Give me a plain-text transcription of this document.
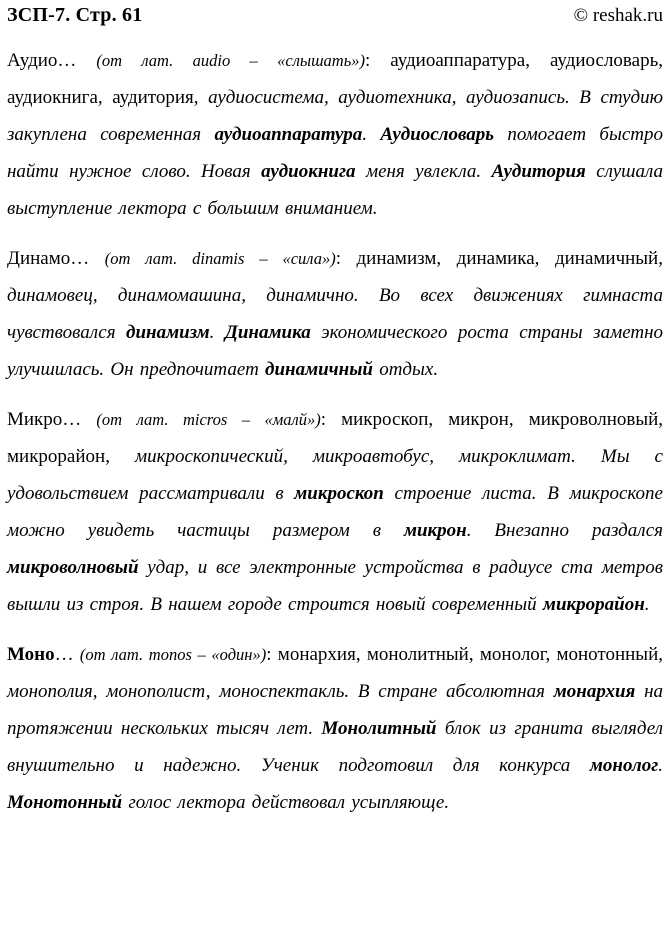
ЗСП-7. Стр. 61	© reshak.ru

Аудио… (от лат. audio – «слышать»): аудиоаппаратура, аудиословарь, аудиокнига, аудитория, аудиосистема, аудиотехника, аудиозапись. В студию закуплена современная аудиоаппаратура. Аудиословарь помогает быстро найти нужное слово. Новая аудиокнига меня увлекла. Аудитория слушала выступление лектора с большим вниманием.

Динамо… (от лат. dinamis – «сила»): динамизм, динамика, динамичный, динамовец, динамомашина, динамично. Во всех движениях гимнаста чувствовался динамизм. Динамика экономического роста страны заметно улучшилась. Он предпочитает динамичный отдых.

Микро… (от лат. micros – «малй»): микроскоп, микрон, микроволновый, микрорайон, микроскопический, микроавтобус, микроклимат. Мы с удовольствием рассматривали в микроскоп строение листа. В микроскопе можно увидеть частицы размером в микрон. Внезапно раздался микроволновый удар, и все электронные устройства в радиусе ста метров вышли из строя. В нашем городе строится новый современный микрорайон.

Моно… (от лат. monos – «один»): монархия, монолитный, монолог, монотонный, монополия, монополист, моноспектакль. В стране абсолютная монархия на протяжении нескольких тысяч лет. Монолитный блок из гранита выглядел внушительно и надежно. Ученик подготовил для конкурса монолог. Монотонный голос лектора действовал усыпляюще.
